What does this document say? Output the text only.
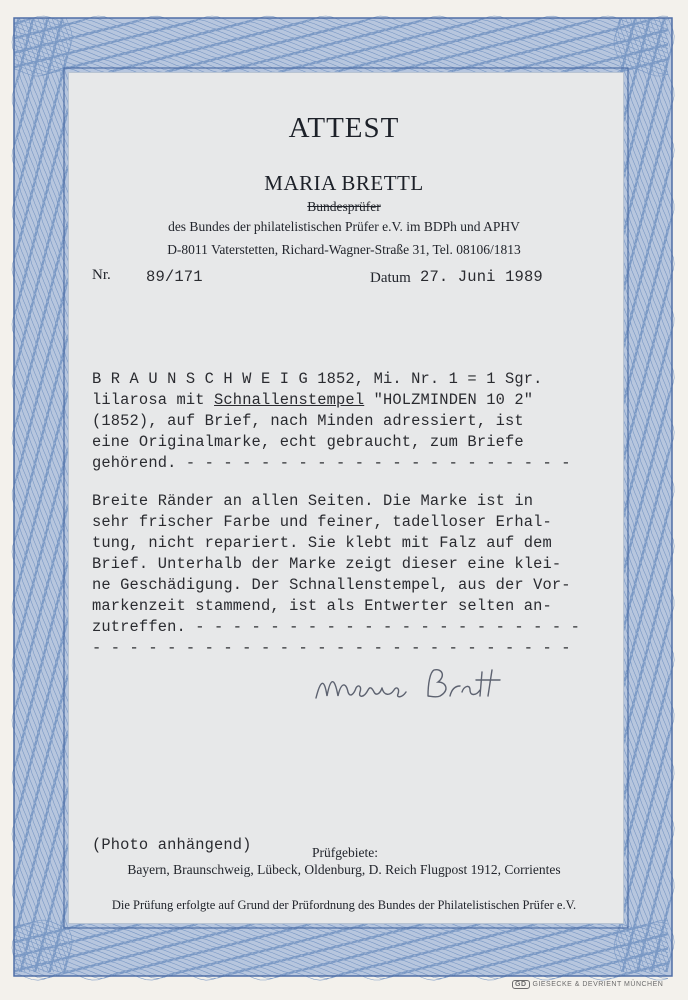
ATTEST
MARIA BRETTL
Bundesprüfer
des Bundes der philatelistischen Prüfer e.V. im BDPh und APHV
D-8011 Vaterstetten, Richard-Wagner-Straße 31, Tel. 08106/1813
Nr. 89/171	Datum 27. Juni 1989
B R A U N S C H W E I G 1852, Mi. Nr. 1 = 1 Sgr.
lilarosa mit Schnallenstempel "HOLZMINDEN 10 2"
(1852), auf Brief, nach Minden adressiert, ist
eine Originalmarke, echt gebraucht, zum Briefe
gehörend. - - - - - - - - - - - - - - - - - - - - -
Breite Ränder an allen Seiten. Die Marke ist in
sehr frischer Farbe und feiner, tadelloser Erhal-
tung, nicht repariert. Sie klebt mit Falz auf dem
Brief. Unterhalb der Marke zeigt dieser eine klei-
ne Geschädigung. Der Schnallenstempel, aus der Vor-
markenzeit stammend, ist als Entwerter selten an-
zutreffen. - - - - - - - - - - - - - - - - - - - - -
- - - - - - - - - - - - - - - - - - - - - - - - - -
(Photo anhängend)	Prüfgebiete:
Bayern, Braunschweig, Lübeck, Oldenburg, D. Reich Flugpost 1912, Corrientes
Die Prüfung erfolgte auf Grund der Prüfordnung des Bundes der Philatelistischen Prüfer e.V.
GD GIESECKE & DEVRIENT MÜNCHEN
